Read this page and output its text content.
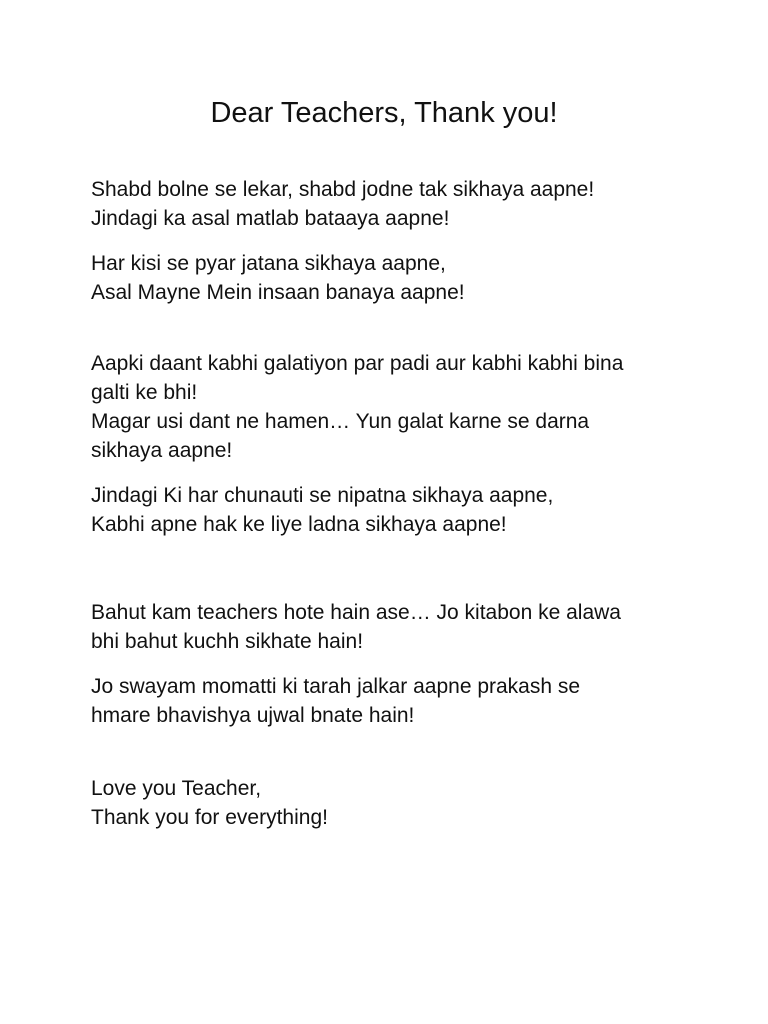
Dear Teachers, Thank you!

Shabd bolne se lekar, shabd jodne tak sikhaya aapne!

Jindagi ka asal matlab bataaya aapne!

Har kisi se pyar jatana sikhaya aapne,

Asal Mayne Mein insaan banaya aapne!

Aapki daant kabhi galatiyon par padi aur kabhi kabhi bina

galti ke bhi!

Magar usi dant ne hamen… Yun galat karne se darna

sikhaya aapne!

Jindagi Ki har chunauti se nipatna sikhaya aapne,

Kabhi apne hak ke liye ladna sikhaya aapne!

Bahut kam teachers hote hain ase… Jo kitabon ke alawa

bhi bahut kuchh sikhate hain!

Jo swayam momatti ki tarah jalkar aapne prakash se

hmare bhavishya ujwal bnate hain!

Love you Teacher,

Thank you for everything!
